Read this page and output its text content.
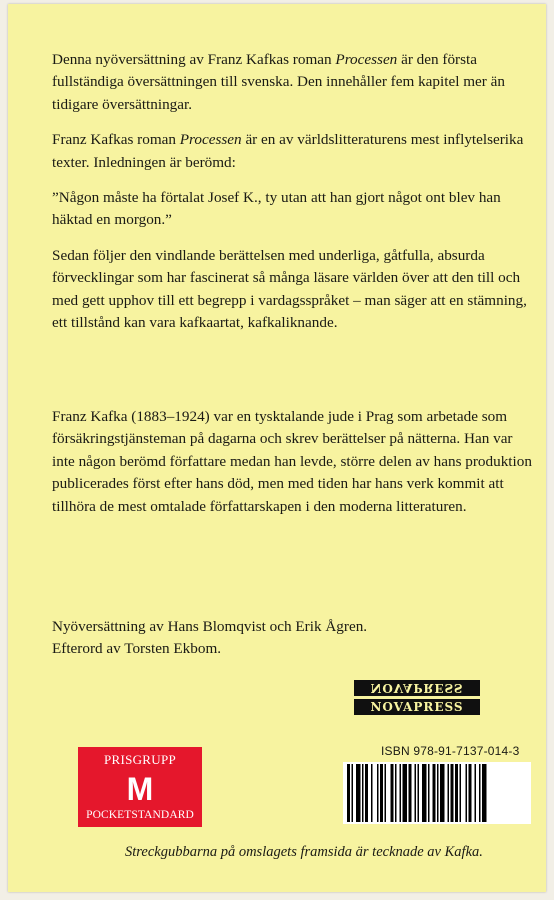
Denna nyöversättning av Franz Kafkas roman Processen är den första fullständiga översättningen till svenska. Den innehåller fem kapitel mer än tidigare översättningar.

Franz Kafkas roman Processen är en av världslitteraturens mest inflytelserika texter. Inledningen är berömd:

”Någon måste ha förtalat Josef K., ty utan att han gjort något ont blev han häktad en morgon.”

Sedan följer den vindlande berättelsen med underliga, gåtfulla, absurda förvecklingar som har fascinerat så många läsare världen över att den till och med gett upphov till ett begrepp i vardagsspråket – man säger att en stämning, ett tillstånd kan vara kafkaartat, kafkaliknande.

Franz Kafka (1883–1924) var en tysktalande jude i Prag som arbetade som försäkringstjänsteman på dagarna och skrev berättelser på nätterna. Han var inte någon berömd författare medan han levde, större delen av hans produktion publicerades först efter hans död, men med tiden har hans verk kommit att tillhöra de mest omtalade författarskapen i den moderna litteraturen.

Nyöversättning av Hans Blomqvist och Erik Ågren.
Efterord av Torsten Ekbom.

NOVAPRESS
NOVAPRESS
ISBN 978-91-7137-014-3
PRISGRUPP
M
POCKETSTANDARD
Streckgubbarna på omslagets framsida är tecknade av Kafka.
